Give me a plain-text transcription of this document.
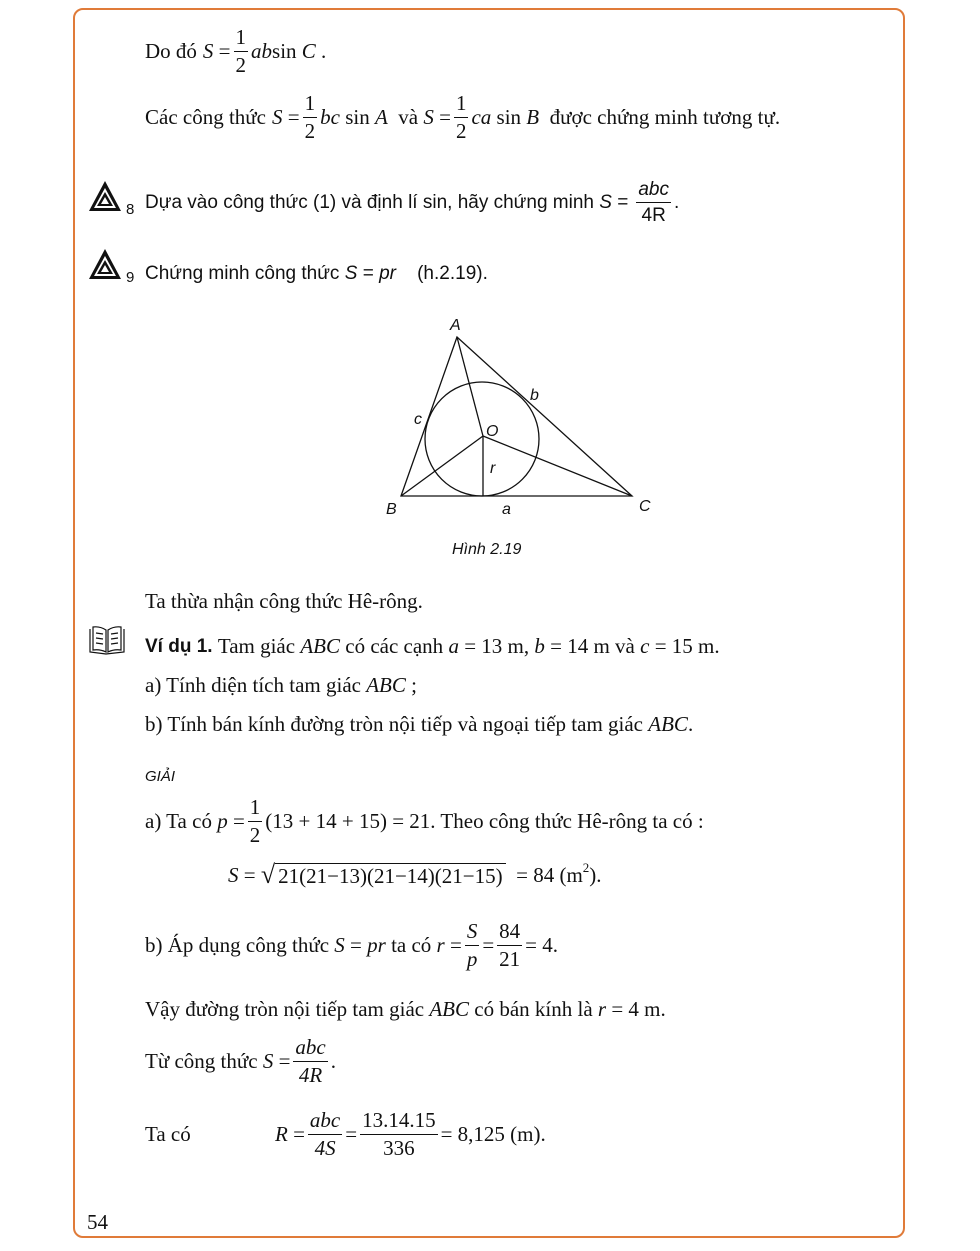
Do đó S
= $\frac{1}{2}$ ab sin
C
.
Các công thức S
= $\frac{1}{2}$ bc
sin
A
và
S
= $\frac{1}{2}$ ca
sin
B
được chứng minh tương tự.
8 Dựa vào công thức (1) và định lí sin, hãy chứng minh
S
= $\frac{\text{abc}}{4R}$ .
9 Chứng minh công thức
S
=
pr
(h.2.19).
A
B	C
O
a
b
c
r
Hình 2.19
Ta thừa nhận công thức Hê-rông.
Ví dụ 1.
Tam giác
ABC
có các cạnh
a
= 13 m,
b
= 14 m và
c
= 15 m.
a) Tính diện tích tam giác
ABC
;
b) Tính bán kính đường tròn nội tiếp và ngoại tiếp tam giác
ABC .
GIẢI
a) Ta có
p
= $\frac{1}{2} (13 + 14 + 15) = 21$. Theo công thức Hê-rông ta có :
S = √ 21(21−13)(21−14)(21−15)
= 84 ($m^2$ ).
b) Áp dụng công thức
S = pr
ta có
$r = \frac{S}{p} = \frac{84}{21} = 4$.
Vậy đường tròn nội tiếp tam giác
ABC
có bán kính là
r
= 4 m.
Từ công thức
$S = \frac{\text{abc}}{4R}$ .
Ta có	$R = \frac{\text{abc}}{4S} = \frac{13.14.15}{336} = 8,125$ (m).
54
